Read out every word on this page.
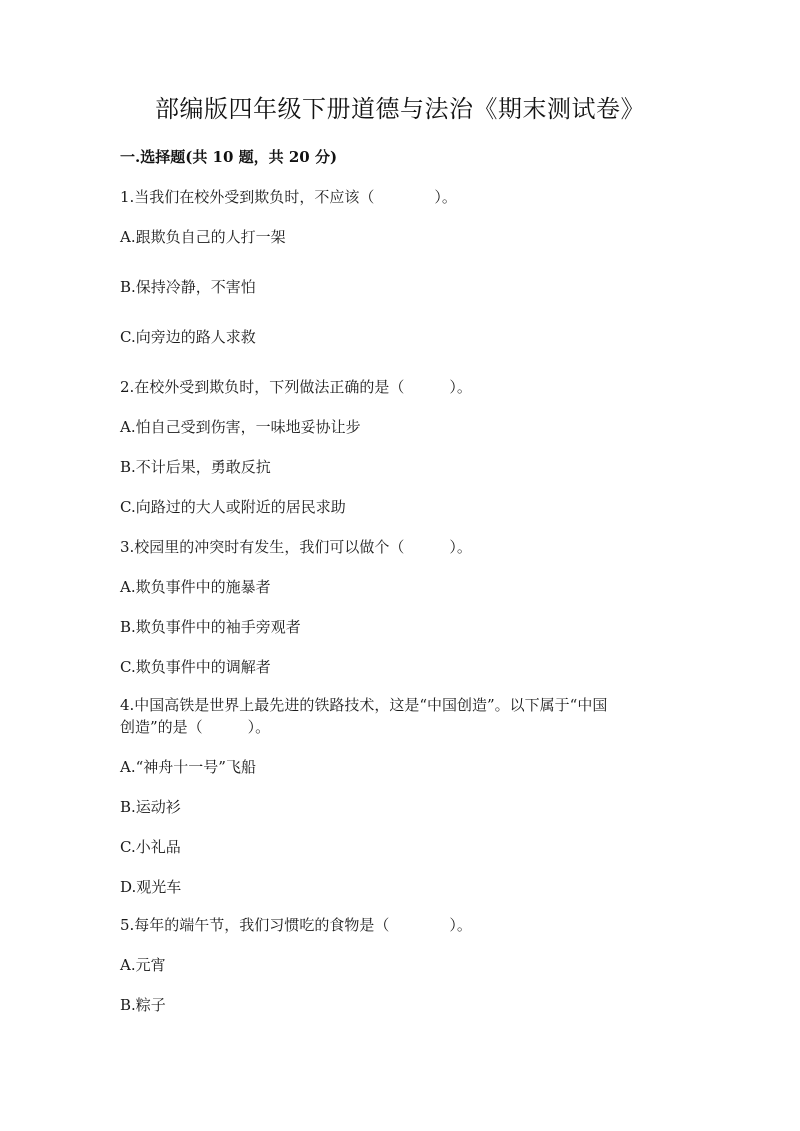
部编版四年级下册道德与法治《期末测试卷》
一.选择题(共 10 题，共 20 分)
1.当我们在校外受到欺负时，不应该（　　　　）。
A.跟欺负自己的人打一架
B.保持冷静，不害怕
C.向旁边的路人求救
2.在校外受到欺负时，下列做法正确的是（　　　）。
A.怕自己受到伤害，一味地妥协让步
B.不计后果，勇敢反抗
C.向路过的大人或附近的居民求助
3.校园里的冲突时有发生，我们可以做个（　　　）。
A.欺负事件中的施暴者
B.欺负事件中的袖手旁观者
C.欺负事件中的调解者
4.中国高铁是世界上最先进的铁路技术，这是“中国创造”。以下属于“中国
创造”的是（　　　）。
A.“神舟十一号”飞船
B.运动衫
C.小礼品
D.观光车
5.每年的端午节，我们习惯吃的食物是（　　　　）。
A.元宵
B.粽子
